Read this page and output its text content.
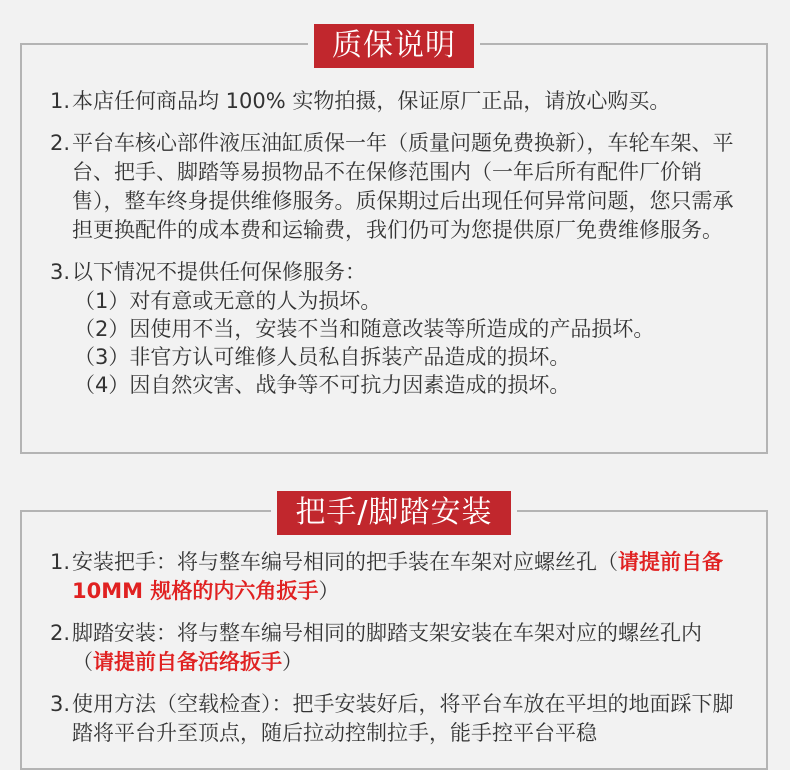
质保说明
1. 本店任何商品均 100% 实物拍摄，保证原厂正品，请放心购买。
2. 平台车核心部件液压油缸质保一年（质量问题免费换新），车轮车架、平台、把手、脚踏等易损物品不在保修范围内（一年后所有配件厂价销售），整车终身提供维修服务。质保期过后出现任何异常问题，您只需承担更换配件的成本费和运输费，我们仍可为您提供原厂免费维修服务。
3. 以下情况不提供任何保修服务：
（1）对有意或无意的人为损坏。
（2）因使用不当，安装不当和随意改装等所造成的产品损坏。
（3）非官方认可维修人员私自拆装产品造成的损坏。
（4）因自然灾害、战争等不可抗力因素造成的损坏。
把手/脚踏安装
1. 安装把手：将与整车编号相同的把手装在车架对应螺丝孔（请提前自备 10MM 规格的内六角扳手）
2. 脚踏安装：将与整车编号相同的脚踏支架安装在车架对应的螺丝孔内（请提前自备活络扳手）
3. 使用方法（空载检查）：把手安装好后，将平台车放在平坦的地面踩下脚踏将平台升至顶点，随后拉动控制拉手，能手控平台平稳
